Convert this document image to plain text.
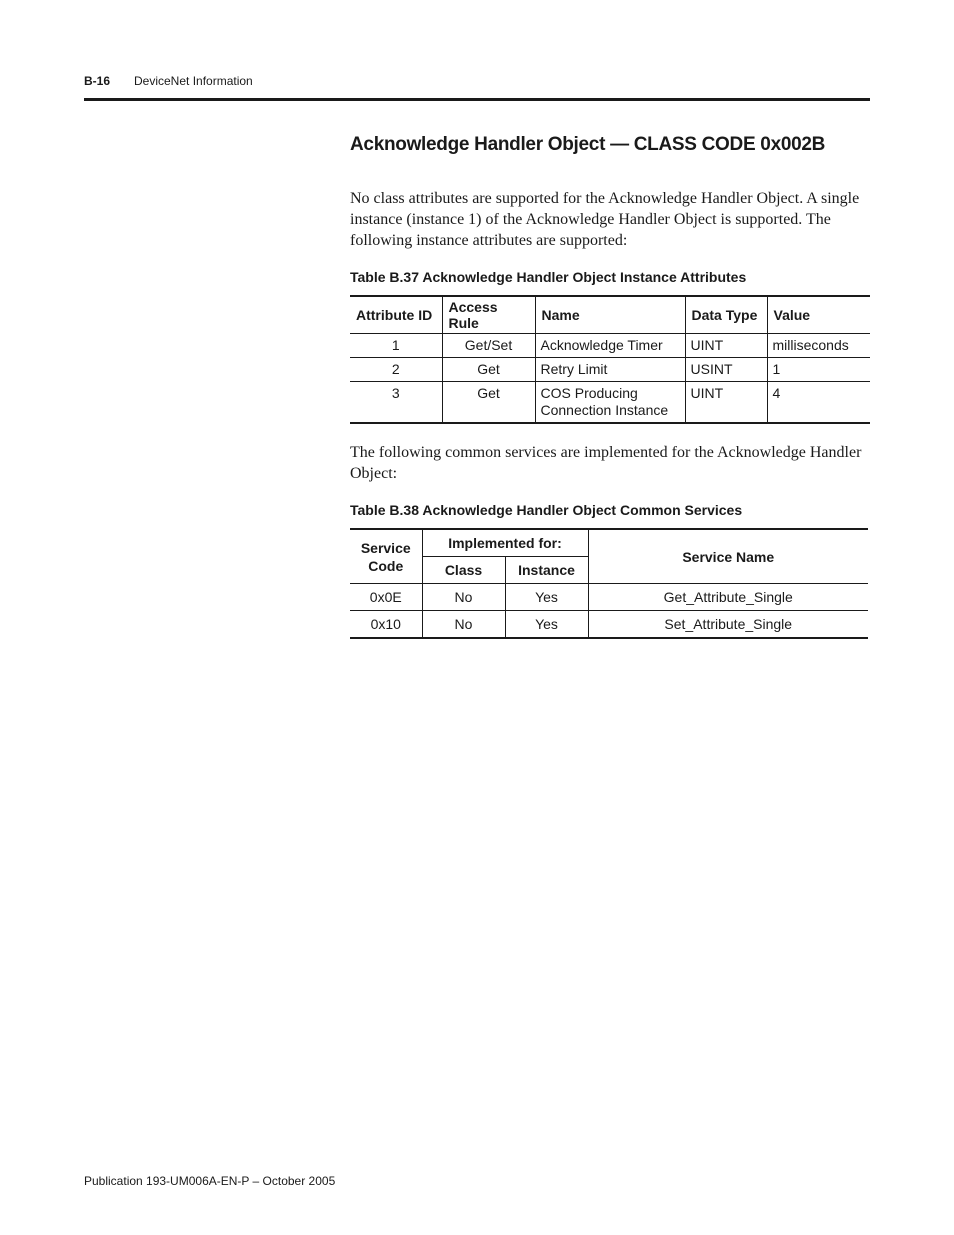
B-16 DeviceNet Information
Acknowledge Handler Object — CLASS CODE 0x002B

No class attributes are supported for the Acknowledge Handler Object. A single instance (instance 1) of the Acknowledge Handler Object is supported. The following instance attributes are supported:

Table B.37 Acknowledge Handler Object Instance Attributes

Attribute ID	Access Rule	Name	Data Type	Value
1	Get/Set	Acknowledge Timer	UINT	milliseconds
2	Get	Retry Limit	USINT	1
3	Get	COS Producing Connection Instance	UINT	4

The following common services are implemented for the Acknowledge Handler Object:

Table B.38 Acknowledge Handler Object Common Services

Service Code	Implemented for:		Service Name
	Class	Instance	
0x0E	No	Yes	Get_Attribute_Single
0x10	No	Yes	Set_Attribute_Single
Publication 193-UM006A-EN-P – October 2005
